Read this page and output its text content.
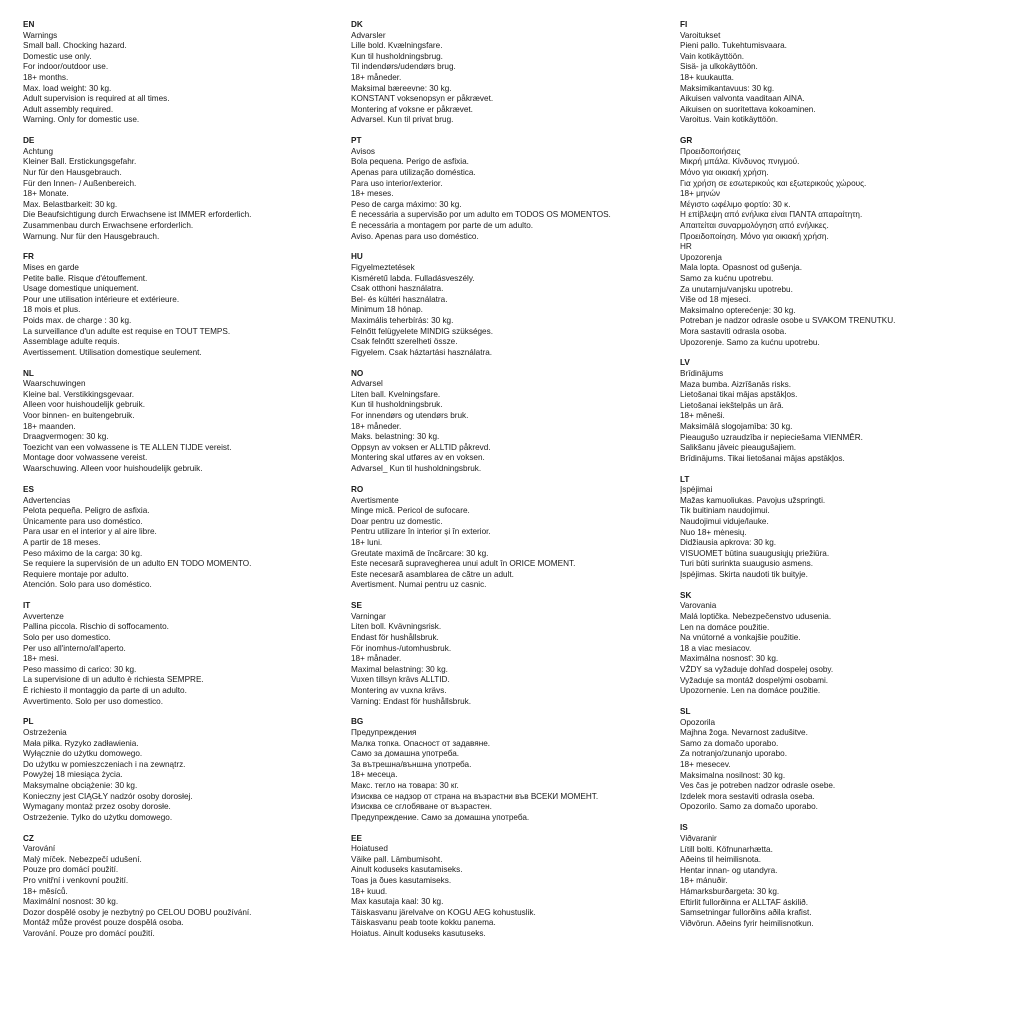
EN
Warnings
Small ball. Chocking hazard.
Domestic use only.
For indoor/outdoor use.
18+ months.
Max. load weight: 30 kg.
Adult supervision is required at all times.
Adult assembly required.
Warning. Only for domestic use.
DE
Achtung
Kleiner Ball. Erstickungsgefahr.
Nur für den Hausgebrauch.
Für den Innen- / Außenbereich.
18+ Monate.
Max. Belastbarkeit: 30 kg.
Die Beaufsichtigung durch Erwachsene ist IMMER erforderlich.
Zusammenbau durch Erwachsene erforderlich.
Warnung. Nur für den Hausgebrauch.
FR
Mises en garde
Petite balle. Risque d'étouffement.
Usage domestique uniquement.
Pour une utilisation intérieure et extérieure.
18 mois et plus.
Poids max. de charge : 30 kg.
La surveillance d'un adulte est requise en TOUT TEMPS.
Assemblage adulte requis.
Avertissement. Utilisation domestique seulement.
NL
Waarschuwingen
Kleine bal. Verstikkingsgevaar.
Alleen voor huishoudelijk gebruik.
Voor binnen- en buitengebruik.
18+ maanden.
Draagvermogen: 30 kg.
Toezicht van een volwassene is TE ALLEN TIJDE vereist.
Montage door volwassene vereist.
Waarschuwing. Alleen voor huishoudelijk gebruik.
ES
Advertencias
Pelota pequeña. Peligro de asfixia.
Únicamente para uso doméstico.
Para usar en el interior y al aire libre.
A partir de 18 meses.
Peso máximo de la carga: 30 kg.
Se requiere la supervisión de un adulto EN TODO MOMENTO.
Requiere montaje por adulto.
Atención. Solo para uso doméstico.
IT
Avvertenze
Pallina piccola. Rischio di soffocamento.
Solo per uso domestico.
Per uso all'interno/all'aperto.
18+ mesi.
Peso massimo di carico: 30 kg.
La supervisione di un adulto è richiesta SEMPRE.
È richiesto il montaggio da parte di un adulto.
Avvertimento. Solo per uso domestico.
PL
Ostrzeżenia
Mała piłka. Ryzyko zadławienia.
Wyłącznie do użytku domowego.
Do użytku w pomieszczeniach i na zewnątrz.
Powyżej 18 miesiąca życia.
Maksymalne obciążenie: 30 kg.
Konieczny jest CIĄGŁY nadzór osoby dorosłej.
Wymagany montaż przez osoby dorosłe.
Ostrzeżenie. Tylko do użytku domowego.
CZ
Varování
Malý míček. Nebezpečí udušení.
Pouze pro domácí použití.
Pro vnitřní i venkovní použití.
18+ měsíců.
Maximální nosnost: 30 kg.
Dozor dospělé osoby je nezbytný po CELOU DOBU používání.
Montáž může provést pouze dospělá osoba.
Varování. Pouze pro domácí použití.
DK
Advarsler
Lille bold. Kvælningsfare.
Kun til husholdningsbrug.
Til indendørs/udendørs brug.
18+ måneder.
Maksimal bæreevne: 30 kg.
KONSTANT voksenopsyn er påkrævet.
Montering af voksne er påkrævet.
Advarsel. Kun til privat brug.
PT
Avisos
Bola pequena. Perigo de asfixia.
Apenas para utilização doméstica.
Para uso interior/exterior.
18+ meses.
Peso de carga máximo: 30 kg.
É necessária a supervisão por um adulto em TODOS OS MOMENTOS.
É necessária a montagem por parte de um adulto.
Aviso. Apenas para uso doméstico.
HU
Figyelmeztetések
Kisméretű labda. Fulladásveszély.
Csak otthoni használatra.
Bel- és kültéri használatra.
Minimum 18 hónap.
Maximális teherbírás: 30 kg.
Felnőtt felügyelete MINDIG szükséges.
Csak felnőtt szerelheti össze.
Figyelem. Csak háztartási használatra.
NO
Advarsel
Liten ball. Kvelningsfare.
Kun til husholdningsbruk.
For innendørs og utendørs bruk.
18+ måneder.
Maks. belastning: 30 kg.
Oppsyn av voksen er ALLTID påkrevd.
Montering skal utføres av en voksen.
Advarsel_ Kun til husholdningsbruk.
RO
Avertismente
Minge mică. Pericol de sufocare.
Doar pentru uz domestic.
Pentru utilizare în interior și în exterior.
18+ luni.
Greutate maximă de încărcare: 30 kg.
Este necesară supravegherea unui adult în ORICE MOMENT.
Este necesară asamblarea de către un adult.
Avertisment. Numai pentru uz casnic.
SE
Varningar
Liten boll. Kvävningsrisk.
Endast för hushållsbruk.
För inomhus-/utomhusbruk.
18+ månader.
Maximal belastning: 30 kg.
Vuxen tillsyn krävs ALLTID.
Montering av vuxna krävs.
Varning: Endast för hushållsbruk.
BG
Предупреждения
Малка топка. Опасност от задавяне.
Само за домашна употреба.
За вътрешна/външна употреба.
18+ месеца.
Макс. тегло на товара: 30 кг.
Изисква се надзор от страна на възрастни във ВСЕКИ МОМЕНТ.
Изисква се сглобяване от възрастен.
Предупреждение. Само за домашна употреба.
EE
Hoiatused
Väike pall. Lämbumisoht.
Ainult koduseks kasutamiseks.
Toas ja õues kasutamiseks.
18+ kuud.
Max kasutaja kaal: 30 kg.
Täiskasvanu järelvalve on KOGU AEG kohustuslik.
Täiskasvanu peab toote kokku panema.
Hoiatus. Ainult koduseks kasutuseks.
FI
Varoitukset
Pieni pallo. Tukehtumisvaara.
Vain kotikäyttöön.
Sisä- ja ulkokäyttöön.
18+ kuukautta.
Maksimikantavuus: 30 kg.
Aikuisen valvonta vaaditaan AINA.
Aikuisen on suoritettava kokoaminen.
Varoitus. Vain kotikäyttöön.
GR
Προειδοποιήσεις
Μικρή μπάλα. Κίνδυνος πνιγμού.
Μόνο για οικιακή χρήση.
Για χρήση σε εσωτερικούς και εξωτερικούς χώρους.
18+ μηνών
Μέγιστο ωφέλιμο φορτίο: 30 κ.
Η επίβλεψη από ενήλικα είναι ΠΑΝΤΑ απαραίτητη.
Απαιτείται συναρμολόγηση από ενήλικες.
Προειδοποίηση. Μόνο για οικιακή χρήση.
HR
Upozorenja
Mala lopta. Opasnost od gušenja.
Samo za kućnu upotrebu.
Za unutarnju/vanjsku upotrebu.
Više od 18 mjeseci.
Maksimalno opterećenje: 30 kg.
Potreban je nadzor odrasle osobe u SVAKOM TRENUTKU.
Mora sastaviti odrasla osoba.
Upozorenje. Samo za kućnu upotrebu.
LV
Brīdinājums
Maza bumba. Aizrīšanās risks.
Lietošanai tikai mājas apstākļos.
Lietošanai iekštelpās un ārā.
18+ mēneši.
Maksimālā slogojamība: 30 kg.
Pieaugušo uzraudzība ir nepieciešama VIENMĒR.
Salikšanu jāveic pieaugušajiem.
Brīdinājums. Tikai lietošanai mājas apstākļos.
LT
Įspėjimai
Mažas kamuoliukas. Pavojus užspringti.
Tik buitiniam naudojimui.
Naudojimui viduje/lauke.
Nuo 18+ mėnesių.
Didžiausia apkrova: 30 kg.
VISUOMET būtina suaugusiųjų priežiūra.
Turi būti surinkta suaugusio asmens.
Įspėjimas. Skirta naudoti tik buityje.
SK
Varovania
Malá loptička. Nebezpečenstvo udusenia.
Len na domáce použitie.
Na vnútorné a vonkajšie použitie.
18 a viac mesiacov.
Maximálna nosnosť: 30 kg.
VŽDY sa vyžaduje dohľad dospelej osoby.
Vyžaduje sa montáž dospelými osobami.
Upozornenie. Len na domáce použitie.
SL
Opozorila
Majhna žoga. Nevarnost zadušitve.
Samo za domačo uporabo.
Za notranjo/zunanjo uporabo.
18+ mesecev.
Maksimalna nosilnost: 30 kg.
Ves čas je potreben nadzor odrasle osebe.
Izdelek mora sestaviti odrasla oseba.
Opozorilo. Samo za domačo uporabo.
IS
Viðvaranir
Lítill bolti. Köfnunarhætta.
Aðeins til heimilisnota.
Hentar innan- og utandyra.
18+ mánuðir.
Hámarksburðargeta: 30 kg.
Eftirlit fullorðinna er ALLTAF áskilið.
Samsetningar fullorðins aðila krafist.
Viðvörun. Aðeins fyrir heimilisnotkun.
